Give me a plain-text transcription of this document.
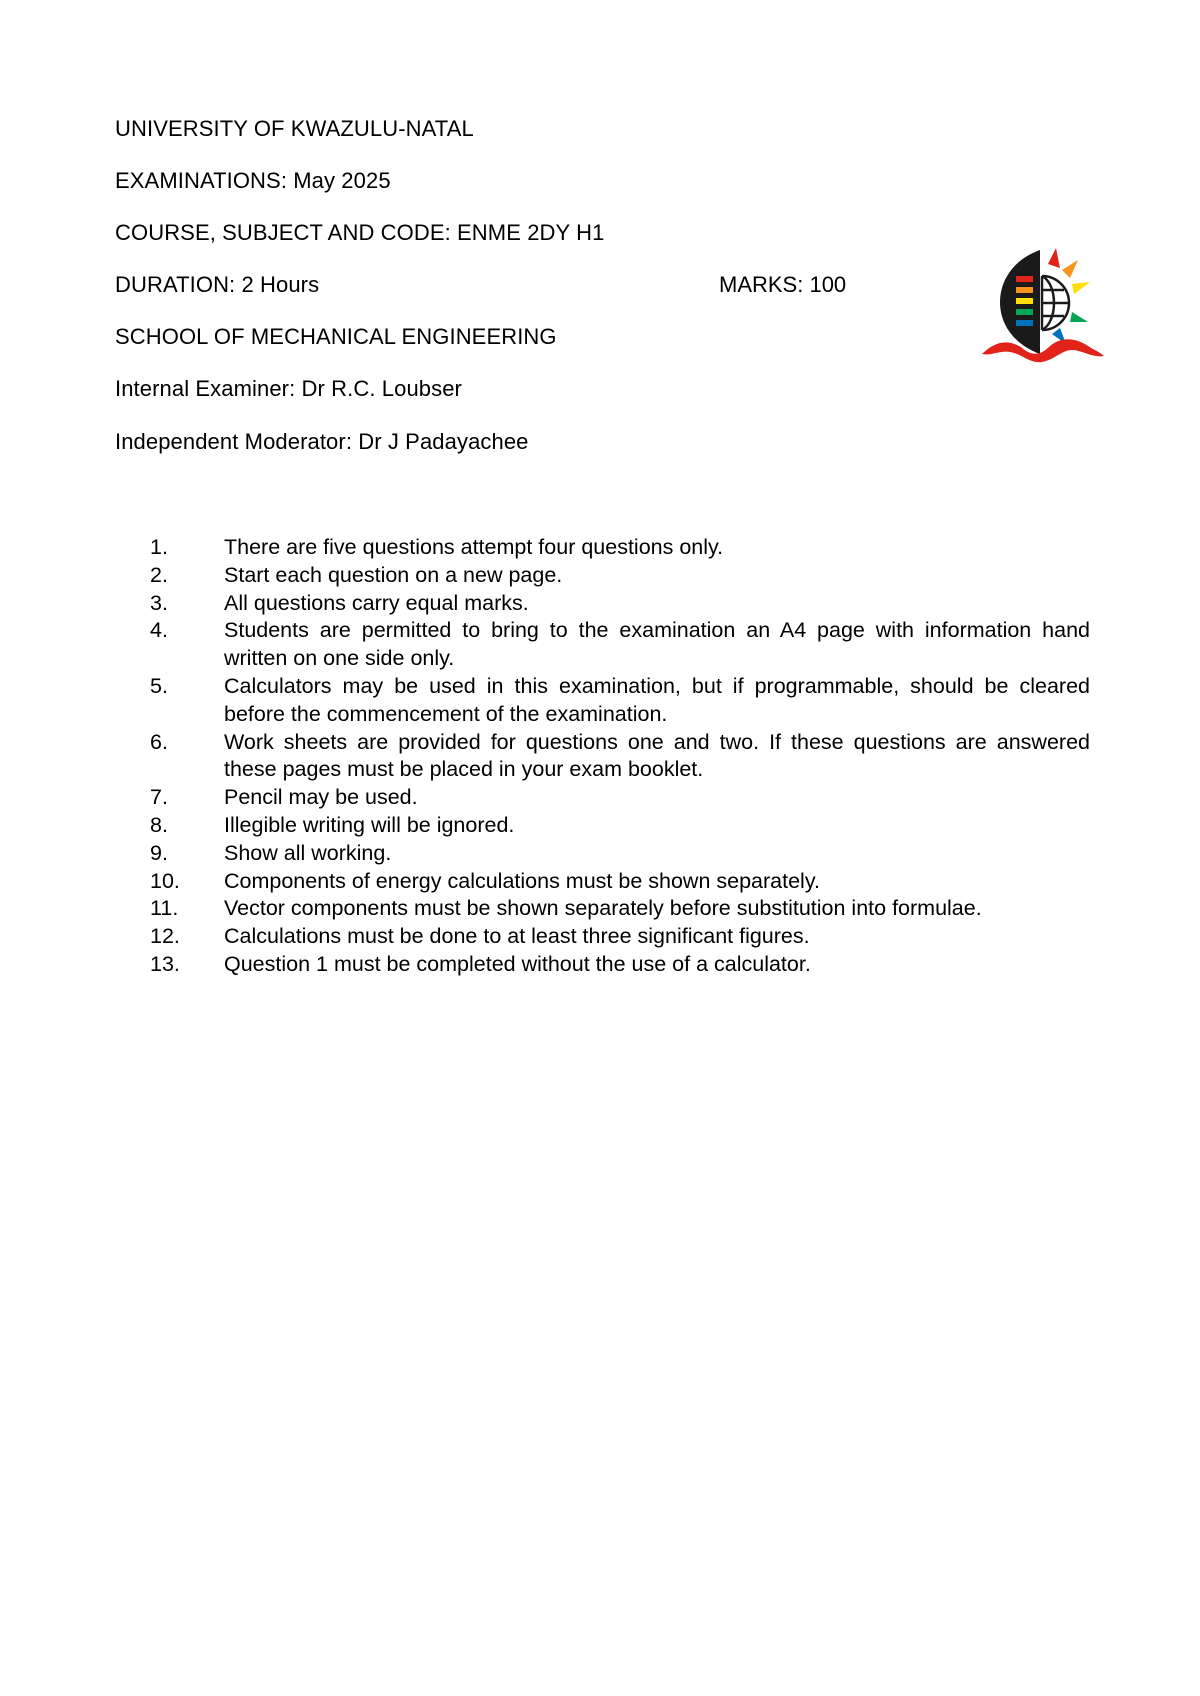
UNIVERSITY OF KWAZULU-NATAL
EXAMINATIONS: May 2025
COURSE, SUBJECT AND CODE: ENME 2DY H1
DURATION: 2 Hours	MARKS: 100
SCHOOL OF MECHANICAL ENGINEERING
Internal Examiner: Dr R.C. Loubser
Independent Moderator: Dr J Padayachee
1.	There are five questions attempt four questions only.
2.	Start each question on a new page.
3.	All questions carry equal marks.
4.	Students are permitted to bring to the examination an A4 page with information hand written on one side only.
5.	Calculators may be used in this examination, but if programmable, should be cleared before the commencement of the examination.
6.	Work sheets are provided for questions one and two. If these questions are answered these pages must be placed in your exam booklet.
7.	Pencil may be used.
8.	Illegible writing will be ignored.
9.	Show all working.
10.	Components of energy calculations must be shown separately.
11.	Vector components must be shown separately before substitution into formulae.
12.	Calculations must be done to at least three significant figures.
13.	Question 1 must be completed without the use of a calculator.
